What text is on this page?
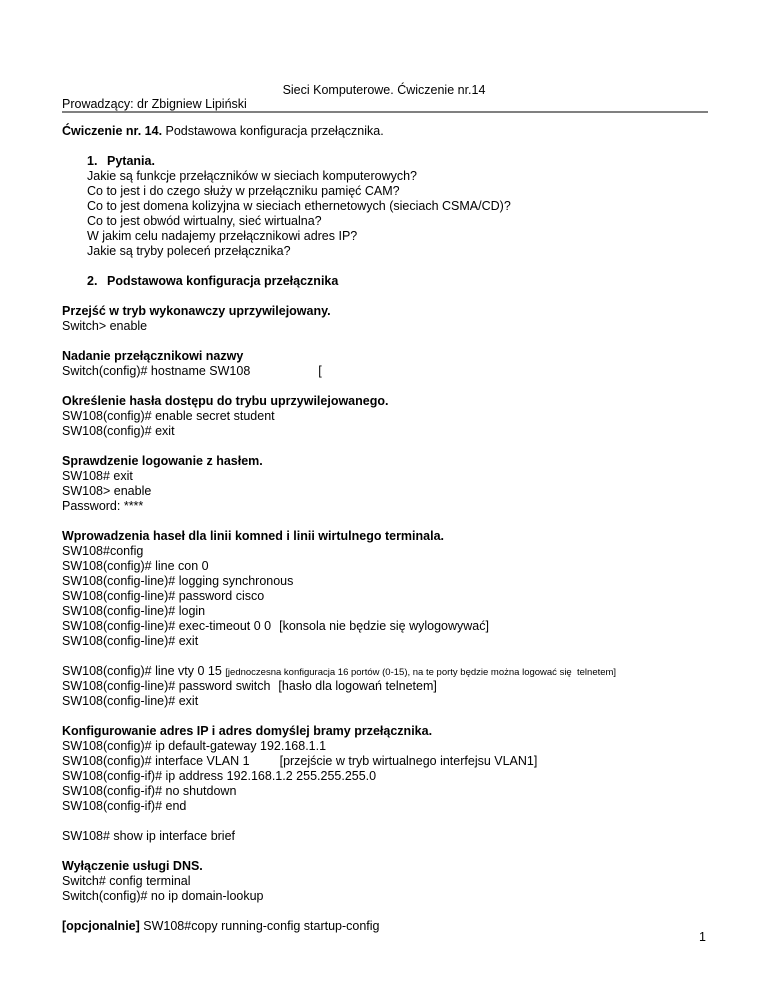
Sieci Komputerowe. Ćwiczenie nr.14
Prowadzący: dr Zbigniew Lipiński
Ćwiczenie nr. 14. Podstawowa konfiguracja przełącznika.
1. Pytania.
Jakie są funkcje przełączników w sieciach komputerowych?
Co to jest i do czego służy w przełączniku pamięć CAM?
Co to jest domena kolizyjna w sieciach ethernetowych (sieciach CSMA/CD)?
Co to jest obwód wirtualny, sieć wirtualna?
W jakim celu nadajemy przełącznikowi adres IP?
Jakie są tryby poleceń przełącznika?
2. Podstawowa konfiguracja przełącznika
Przejść w tryb wykonawczy uprzywilejowany.
Switch> enable
Nadanie przełącznikowi nazwy
Switch(config)# hostname SW108	[
Określenie hasła dostępu do trybu uprzywilejowanego.
SW108(config)# enable secret student
SW108(config)# exit
Sprawdzenie logowanie z hasłem.
SW108# exit
SW108> enable
Password: ****
Wprowadzenia haseł dla linii komned i linii wirtulnego terminala.
SW108#config
SW108(config)# line con 0
SW108(config-line)# logging synchronous
SW108(config-line)# password cisco
SW108(config-line)# login
SW108(config-line)# exec-timeout 0 0 [konsola nie będzie się wylogowywać]
SW108(config-line)# exit
SW108(config)# line vty 0 15 [jednoczesna konfiguracja 16 portów (0-15), na te porty będzie można logować się  telnetem]
SW108(config-line)# password switch [hasło dla logowań telnetem]
SW108(config-line)# exit
Konfigurowanie adres IP i adres domyślej bramy przełącznika.
SW108(config)# ip default-gateway 192.168.1.1
SW108(config)# interface VLAN 1 [przejście w tryb wirtualnego interfejsu VLAN1]
SW108(config-if)# ip address 192.168.1.2 255.255.255.0
SW108(config-if)# no shutdown
SW108(config-if)# end
SW108# show ip interface brief
Wyłączenie usługi DNS.
Switch# config terminal
Switch(config)# no ip domain-lookup
[opcjonalnie] SW108#copy running-config startup-config
1
